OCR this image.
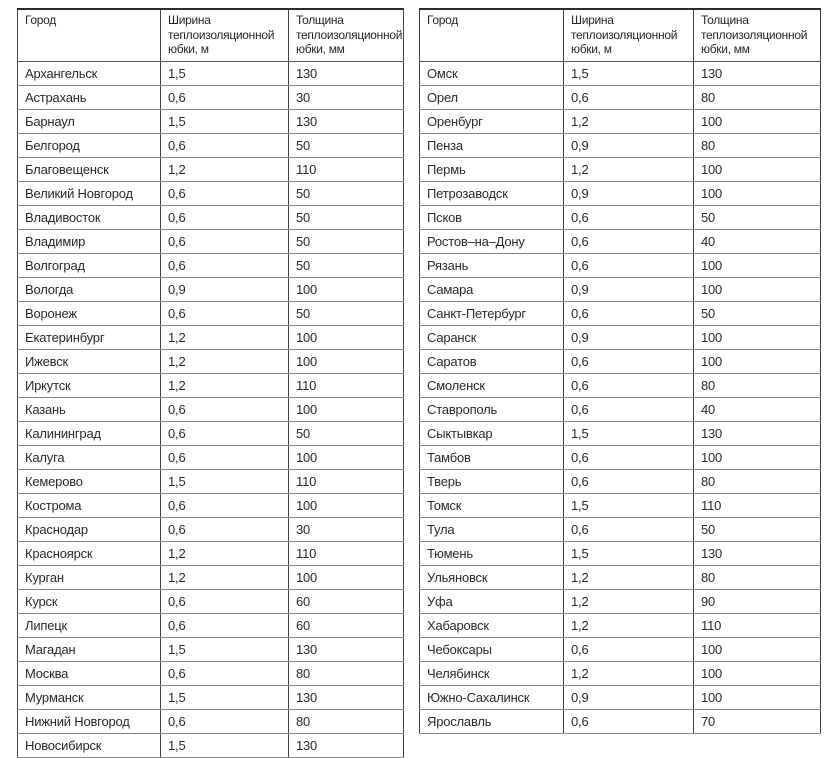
Город	Ширина теплоизоляционной юбки, м	Толщина теплоизоляционной юбки, мм
Архангельск	1,5	130
Астрахань	0,6	30
Барнаул	1,5	130
Белгород	0,6	50
Благовещенск	1,2	110
Великий Новгород	0,6	50
Владивосток	0,6	50
Владимир	0,6	50
Волгоград	0,6	50
Вологда	0,9	100
Воронеж	0,6	50
Екатеринбург	1,2	100
Ижевск	1,2	100
Иркутск	1,2	110
Казань	0,6	100
Калининград	0,6	50
Калуга	0,6	100
Кемерово	1,5	110
Кострома	0,6	100
Краснодар	0,6	30
Красноярск	1,2	110
Курган	1,2	100
Курск	0,6	60
Липецк	0,6	60
Магадан	1,5	130
Москва	0,6	80
Мурманск	1,5	130
Нижний Новгород	0,6	80
Новосибирск	1,5	130
Город	Ширина теплоизоляционной юбки, м	Толщина теплоизоляционной юбки, мм
Омск	1,5	130
Орел	0,6	80
Оренбург	1,2	100
Пенза	0,9	80
Пермь	1,2	100
Петрозаводск	0,9	100
Псков	0,6	50
Ростов–на–Дону	0,6	40
Рязань	0,6	100
Самара	0,9	100
Санкт-Петербург	0,6	50
Саранск	0,9	100
Саратов	0,6	100
Смоленск	0,6	80
Ставрополь	0,6	40
Сыктывкар	1,5	130
Тамбов	0,6	100
Тверь	0,6	80
Томск	1,5	110
Тула	0,6	50
Тюмень	1,5	130
Ульяновск	1,2	80
Уфа	1,2	90
Хабаровск	1,2	110
Чебоксары	0,6	100
Челябинск	1,2	100
Южно-Сахалинск	0,9	100
Ярославль	0,6	70
